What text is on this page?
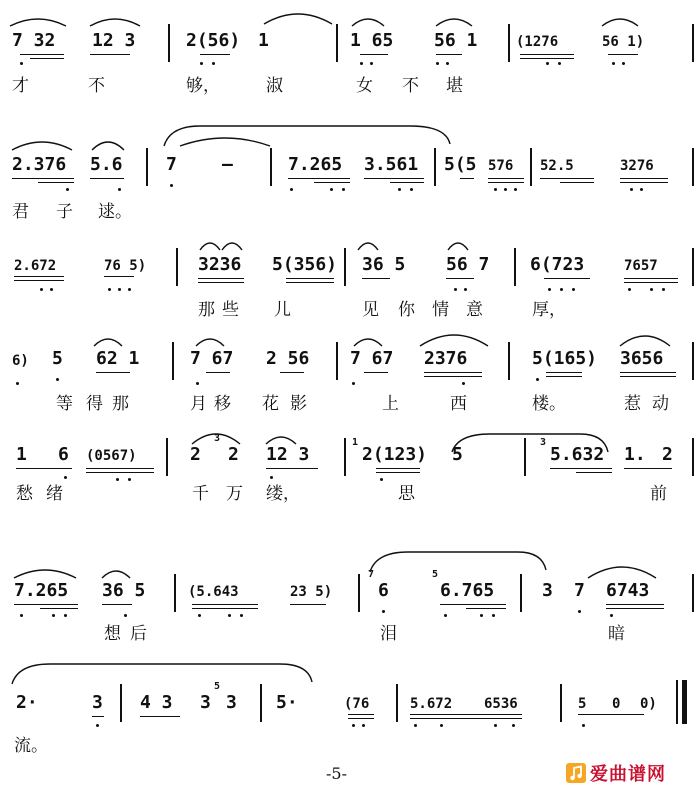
7 32 12 3	2(56) 1	1 65 56 1	(1276	56 1)
才	不	够，	淑	女 不 堪
2.376 5.6 7	–	7.265 3.561 5(5 576 52.5	3276
君 子 逑。
2.672	76 5)	3236 5(356) 36 5 56 7 6(723	7657
那 些 儿	见 你 情 意	厚，
6) 5 62 1	7 67 2 56 7 67 2376	5(165) 3656
等 得 那	月 移 花 影	上	西	楼。	惹 动
3	1	3
1 6 (0567)	2 2 12 3	2(123) 5	5.632 1. 2
愁 绪	千 万 缕，	思	前
7	5
7.265 36 5	(5.643	23 5)	6	6.765	3 7 6743
想 后	泪	暗
5
2·	3 4 3 3 3 5·	(76	5.672 6536	5 0 0)
流。
-5-	爱曲谱网
